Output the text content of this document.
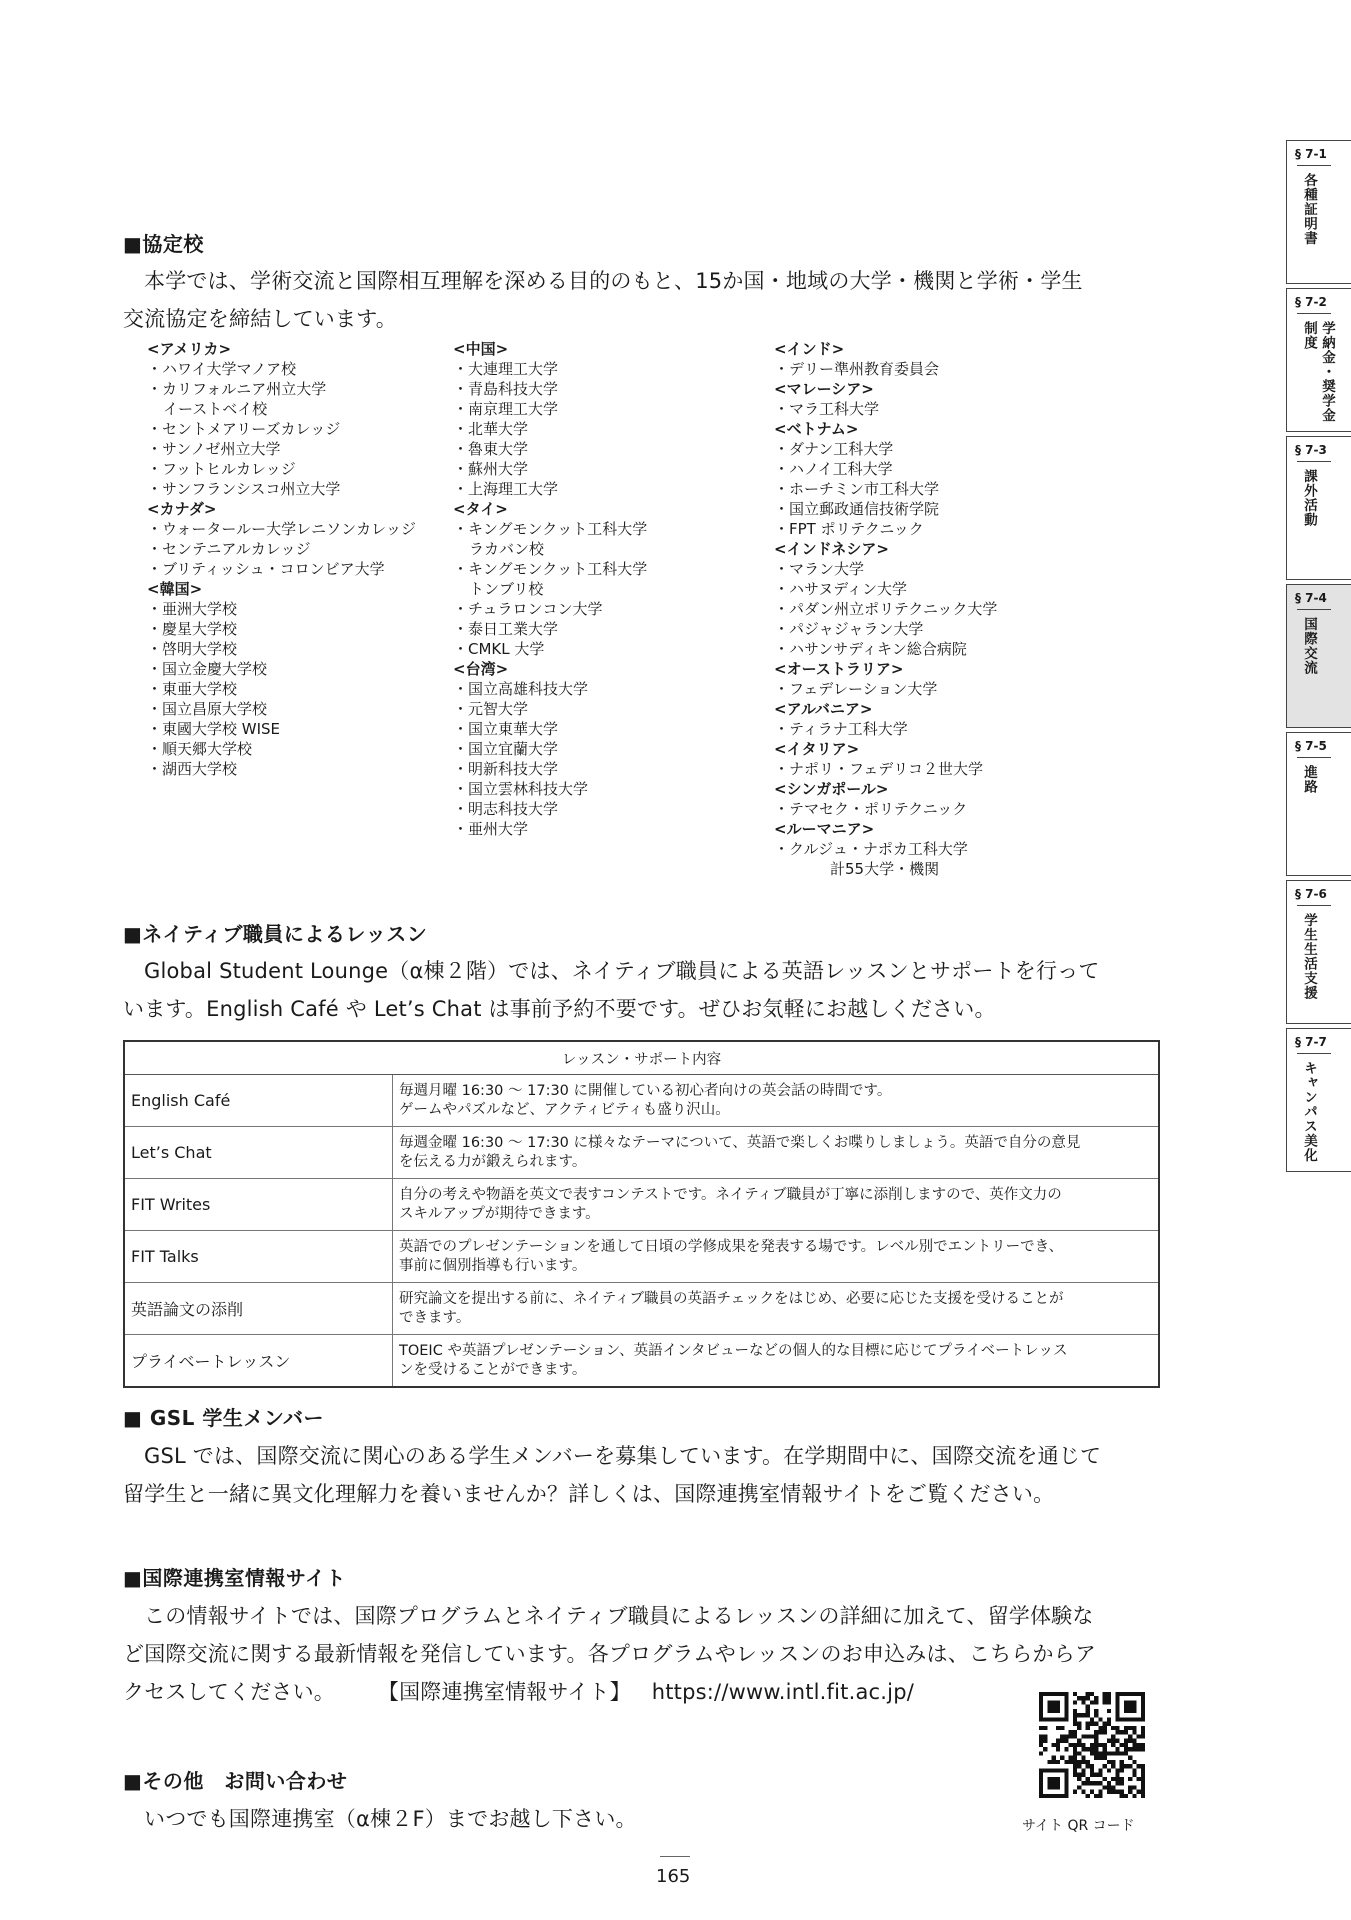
■協定校
本学では、学術交流と国際相互理解を深める目的のもと、15か国・地域の大学・機関と学術・学生
交流協定を締結しています。
<アメリカ>
・ハワイ大学マノア校
・カリフォルニア州立大学
イーストベイ校
・セントメアリーズカレッジ
・サンノゼ州立大学
・フットヒルカレッジ
・サンフランシスコ州立大学
<カナダ>
・ウォータールー大学レニソンカレッジ
・センテニアルカレッジ
・ブリティッシュ・コロンビア大学
<韓国>
・亜洲大学校
・慶星大学校
・啓明大学校
・国立金慶大学校
・東亜大学校
・国立昌原大学校
・東國大学校 WISE
・順天郷大学校
・湖西大学校
<中国>
・大連理工大学
・青島科技大学
・南京理工大学
・北華大学
・魯東大学
・蘇州大学
・上海理工大学
<タイ>
・キングモンクット工科大学
ラカバン校
・キングモンクット工科大学
トンブリ校
・チュラロンコン大学
・泰日工業大学
・CMKL 大学
<台湾>
・国立高雄科技大学
・元智大学
・国立東華大学
・国立宜蘭大学
・明新科技大学
・国立雲林科技大学
・明志科技大学
・亜州大学
<インド>
・デリー準州教育委員会
<マレーシア>
・マラ工科大学
<ベトナム>
・ダナン工科大学
・ハノイ工科大学
・ホーチミン市工科大学
・国立郵政通信技術学院
・FPT ポリテクニック
<インドネシア>
・マラン大学
・ハサヌディン大学
・パダン州立ポリテクニック大学
・パジャジャラン大学
・ハサンサディキン総合病院
<オーストラリア>
・フェデレーション大学
<アルバニア>
・ティラナ工科大学
<イタリア>
・ナポリ・フェデリコ２世大学
<シンガポール>
・テマセク・ポリテクニック
<ルーマニア>
・クルジュ・ナポカ工科大学
計55大学・機関
■ネイティブ職員によるレッスン
Global Student Lounge（α棟２階）では、ネイティブ職員による英語レッスンとサポートを行って
います。English Café や Let’s Chat は事前予約不要です。ぜひお気軽にお越しください。
レッスン・サポート内容	
English Café	毎週月曜 16:30 ～ 17:30 に開催している初心者向けの英会話の時間です。
ゲームやパズルなど、アクティビティも盛り沢山。

Let’s Chat	毎週金曜 16:30 ～ 17:30 に様々なテーマについて、英語で楽しくお喋りしましょう。英語で自分の意見
を伝える力が鍛えられます。

FIT Writes	自分の考えや物語を英文で表すコンテストです。ネイティブ職員が丁寧に添削しますので、英作文力の
スキルアップが期待できます。

FIT Talks	英語でのプレゼンテーションを通して日頃の学修成果を発表する場です。レベル別でエントリーでき、
事前に個別指導も行います。

英語論文の添削	研究論文を提出する前に、ネイティブ職員の英語チェックをはじめ、必要に応じた支援を受けることが
できます。

プライベートレッスン	TOEIC や英語プレゼンテーション、英語インタビューなどの個人的な目標に応じてプライベートレッス
ンを受けることができます。
■ GSL 学生メンバー
GSL では、国際交流に関心のある学生メンバーを募集しています。在学期間中に、国際交流を通じて
留学生と一緒に異文化理解力を養いませんか？詳しくは、国際連携室情報サイトをご覧ください。
■国際連携室情報サイト
この情報サイトでは、国際プログラムとネイティブ職員によるレッスンの詳細に加えて、留学体験な
ど国際交流に関する最新情報を発信しています。各プログラムやレッスンのお申込みは、こちらからア
クセスしてください。 【国際連携室情報サイト】 https://www.intl.fit.ac.jp/
■その他　お問い合わせ
いつでも国際連携室（α棟２F）までお越し下さい。	サイト QR コード
165
§ 7-1
各種証明書
§ 7-2
学納金・奨学金制度
§ 7-3
課外活動
§ 7-4
国際交流
§ 7-5
進路
§ 7-6
学生生活支援
§ 7-7
キャンパス美化
